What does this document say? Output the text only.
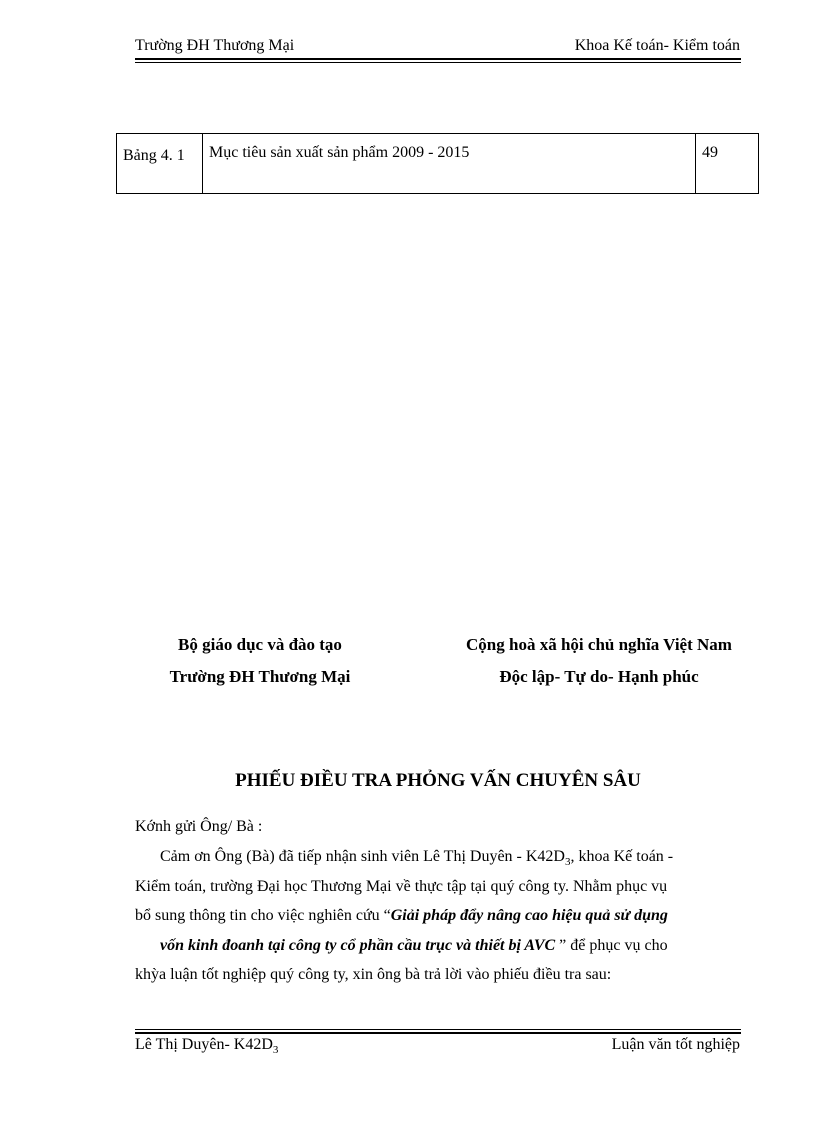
Trường ĐH Thương Mại	Khoa Kế toán- Kiểm toán
Bảng 4. 1	Mục tiêu sản xuất sản phẩm 2009 - 2015	49
Bộ giáo dục và đào tạo
Trường ĐH Thương Mại
Cộng hoà xã hội chủ nghĩa Việt Nam
Độc lập- Tự do- Hạnh phúc
PHIẾU ĐIỀU TRA PHỎNG VẤN CHUYÊN SÂU
Kớnh gửi Ông/ Bà :
Cảm ơn Ông (Bà) đã tiếp nhận sinh viên Lê Thị Duyên - $K42D_3$, khoa Kế toán -
Kiểm toán, trường Đại học Thương Mại về thực tập tại quý công ty. Nhằm phục vụ
bổ sung thông tin cho việc nghiên cứu “Giải pháp đẩy nâng cao hiệu quả sử dụng
vốn kinh đoanh tại công ty cổ phần cầu trục và thiết bị AVC ” để phục vụ cho
khỳa luận tốt nghiệp quý công ty, xin ông bà trả lời vào phiếu điều tra sau:
Lê Thị Duyên- $K42D_3$	Luận văn tốt nghiệp
